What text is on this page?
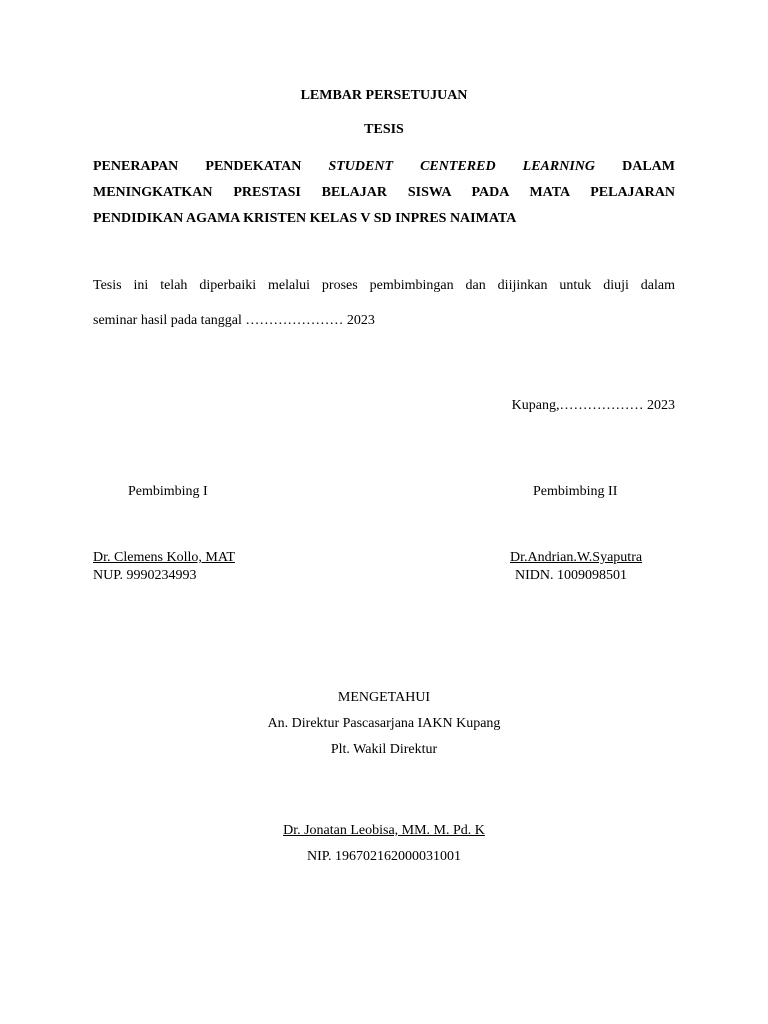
LEMBAR PERSETUJUAN
TESIS
PENERAPAN PENDEKATAN STUDENT CENTERED LEARNING DALAM
MENINGKATKAN PRESTASI BELAJAR SISWA PADA MATA PELAJARAN
PENDIDIKAN AGAMA KRISTEN KELAS V SD INPRES NAIMATA
Tesis ini telah diperbaiki melalui proses pembimbingan dan diijinkan untuk diuji dalam
seminar hasil pada tanggal ………………… 2023
Kupang,……………… 2023
Pembimbing I	Pembimbing II
Dr. Clemens Kollo, MAT
NUP. 9990234993
Dr.Andrian.W.Syaputra
NIDN. 1009098501
MENGETAHUI
An. Direktur Pascasarjana IAKN Kupang
Plt. Wakil Direktur
Dr. Jonatan Leobisa, MM. M. Pd. K
NIP. 196702162000031001
